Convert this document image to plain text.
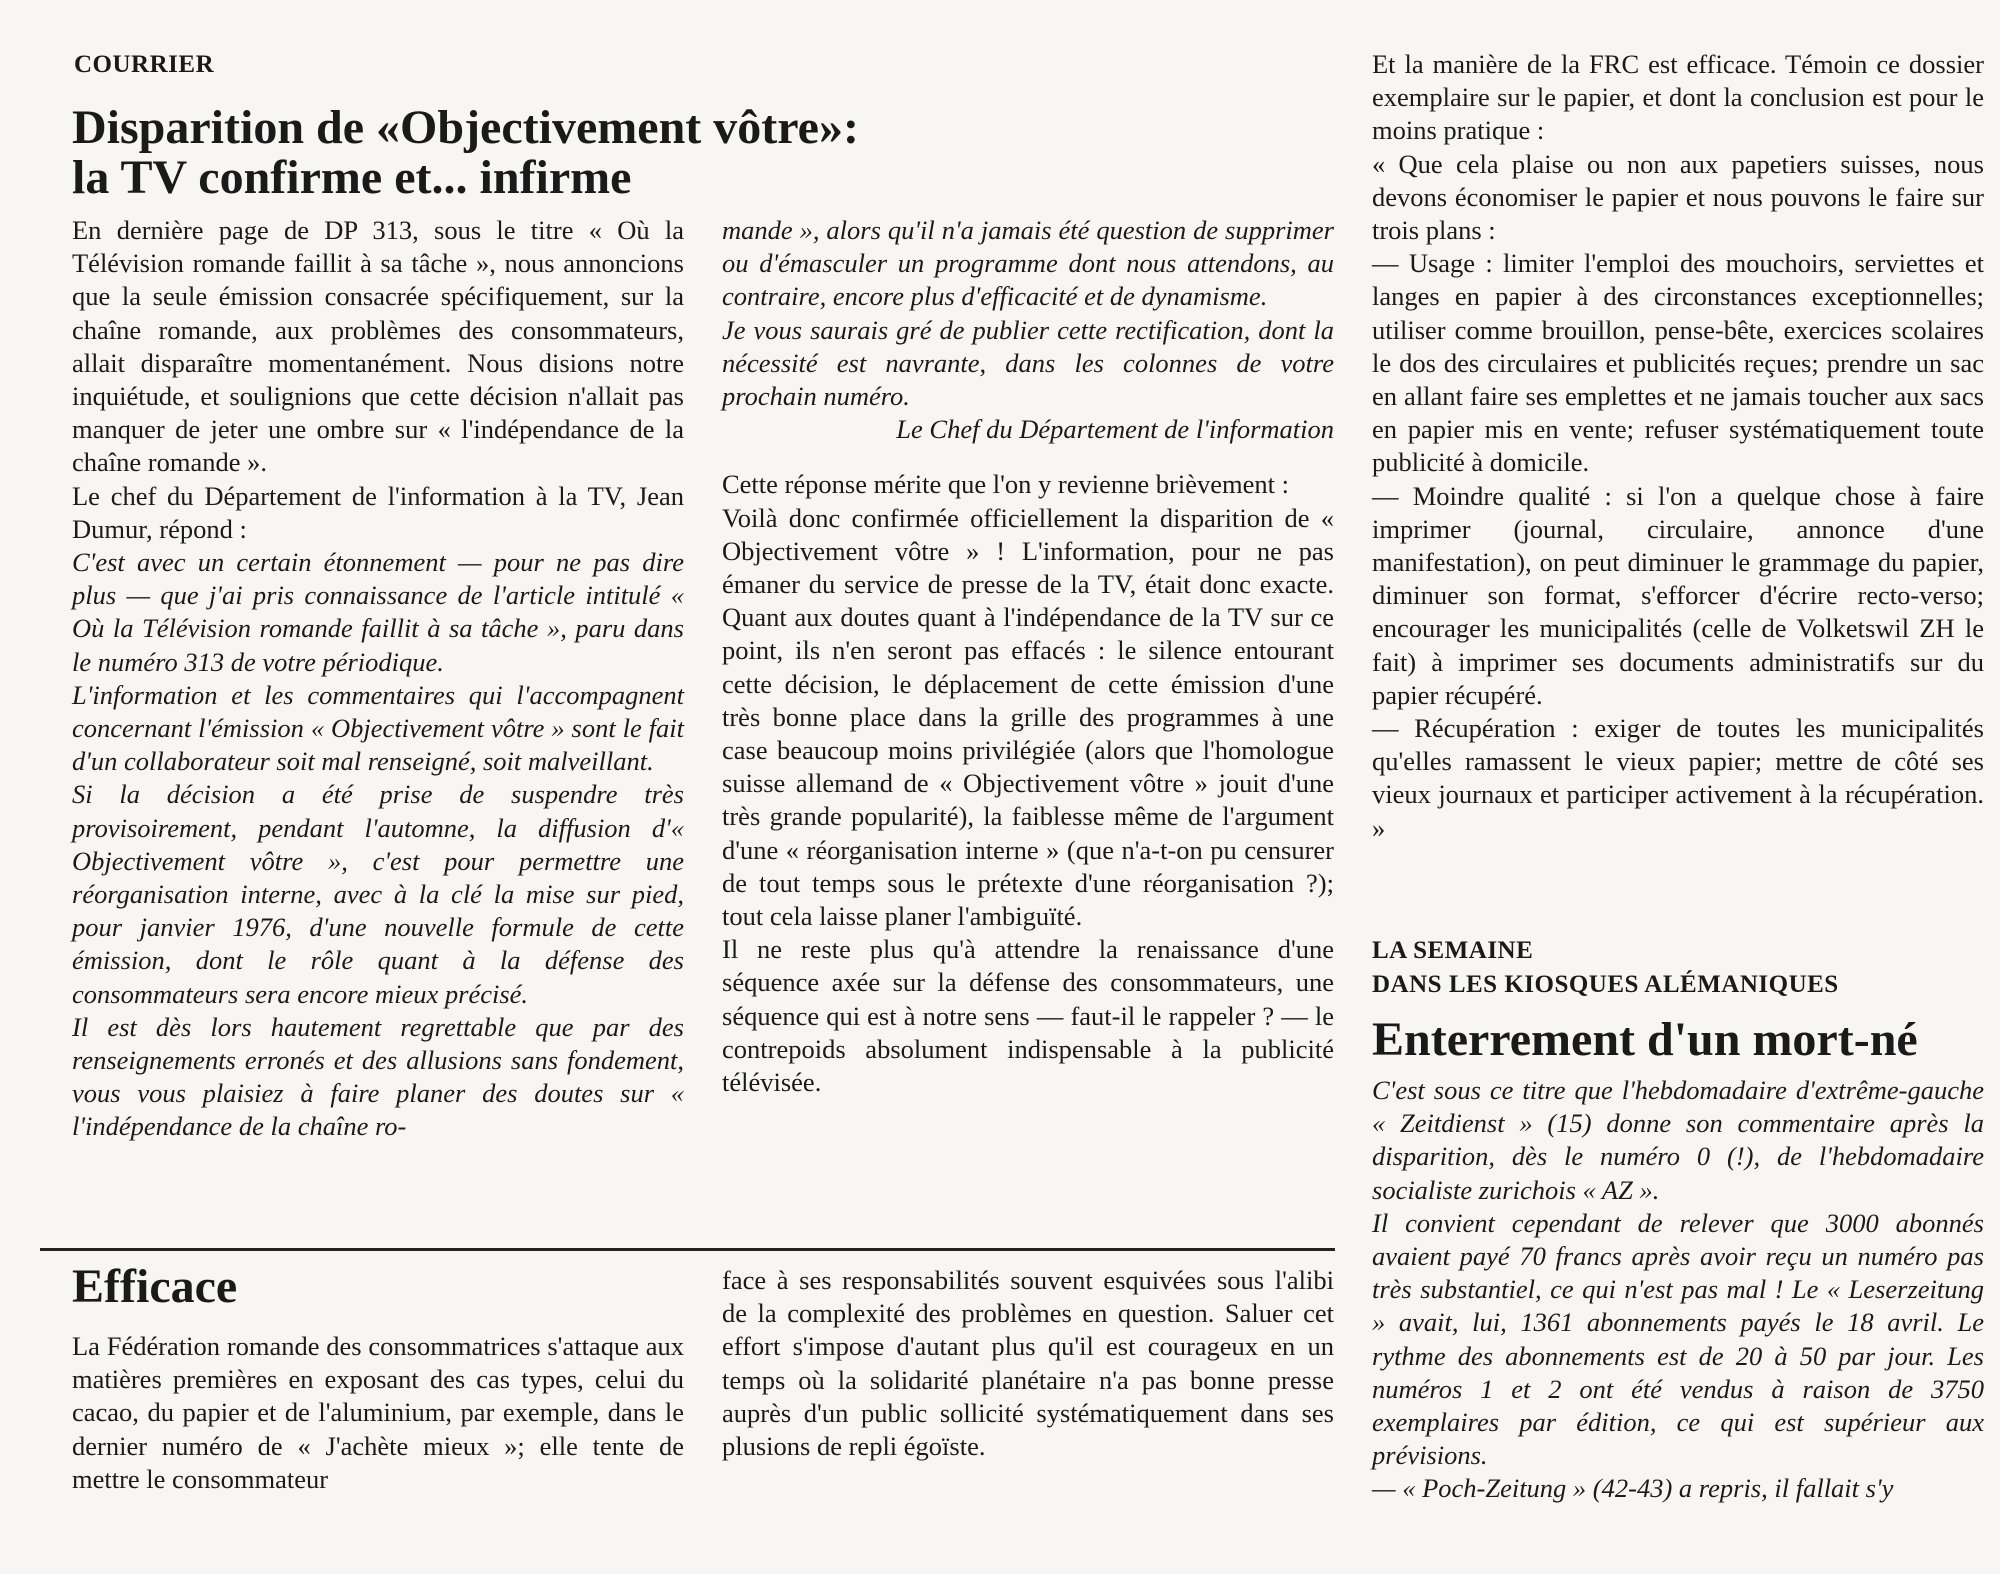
COURRIER
Disparition de «Objectivement vôtre»:
la TV confirme et... infirme

En dernière page de DP 313, sous le titre « Où la Télévision romande faillit à sa tâche », nous annoncions que la seule émission consacrée spécifiquement, sur la chaîne romande, aux problèmes des consommateurs, allait disparaître momentanément. Nous disions notre inquiétude, et soulignions que cette décision n'allait pas manquer de jeter une ombre sur « l'indépendance de la chaîne romande ».

Le chef du Département de l'information à la TV, Jean Dumur, répond :

C'est avec un certain étonnement — pour ne pas dire plus — que j'ai pris connaissance de l'article intitulé « Où la Télévision romande faillit à sa tâche », paru dans le numéro 313 de votre périodique.

L'information et les commentaires qui l'accompagnent concernant l'émission « Objectivement vôtre » sont le fait d'un collaborateur soit mal renseigné, soit malveillant.

Si la décision a été prise de suspendre très provisoirement, pendant l'automne, la diffusion d'« Objectivement vôtre », c'est pour permettre une réorganisation interne, avec à la clé la mise sur pied, pour janvier 1976, d'une nouvelle formule de cette émission, dont le rôle quant à la défense des consommateurs sera encore mieux précisé.

Il est dès lors hautement regrettable que par des renseignements erronés et des allusions sans fondement, vous vous plaisiez à faire planer des doutes sur « l'indépendance de la chaîne ro-

mande », alors qu'il n'a jamais été question de supprimer ou d'émasculer un programme dont nous attendons, au contraire, encore plus d'efficacité et de dynamisme.

Je vous saurais gré de publier cette rectification, dont la nécessité est navrante, dans les colonnes de votre prochain numéro.

Le Chef du Département de l'information

Cette réponse mérite que l'on y revienne brièvement :

Voilà donc confirmée officiellement la disparition de « Objectivement vôtre » ! L'information, pour ne pas émaner du service de presse de la TV, était donc exacte. Quant aux doutes quant à l'indépendance de la TV sur ce point, ils n'en seront pas effacés : le silence entourant cette décision, le déplacement de cette émission d'une très bonne place dans la grille des programmes à une case beaucoup moins privilégiée (alors que l'homologue suisse allemand de « Objectivement vôtre » jouit d'une très grande popularité), la faiblesse même de l'argument d'une « réorganisation interne » (que n'a-t-on pu censurer de tout temps sous le prétexte d'une réorganisation ?); tout cela laisse planer l'ambiguïté.

Il ne reste plus qu'à attendre la renaissance d'une séquence axée sur la défense des consommateurs, une séquence qui est à notre sens — faut-il le rappeler ? — le contrepoids absolument indispensable à la publicité télévisée.

Efficace

La Fédération romande des consommatrices s'attaque aux matières premières en exposant des cas types, celui du cacao, du papier et de l'aluminium, par exemple, dans le dernier numéro de « J'achète mieux »; elle tente de mettre le consommateur

face à ses responsabilités souvent esquivées sous l'alibi de la complexité des problèmes en question. Saluer cet effort s'impose d'autant plus qu'il est courageux en un temps où la solidarité planétaire n'a pas bonne presse auprès d'un public sollicité systématiquement dans ses plusions de repli égoïste.

Et la manière de la FRC est efficace. Témoin ce dossier exemplaire sur le papier, et dont la conclusion est pour le moins pratique :

« Que cela plaise ou non aux papetiers suisses, nous devons économiser le papier et nous pouvons le faire sur trois plans :

— Usage : limiter l'emploi des mouchoirs, serviettes et langes en papier à des circonstances exceptionnelles; utiliser comme brouillon, pense-bête, exercices scolaires le dos des circulaires et publicités reçues; prendre un sac en allant faire ses emplettes et ne jamais toucher aux sacs en papier mis en vente; refuser systématiquement toute publicité à domicile.

— Moindre qualité : si l'on a quelque chose à faire imprimer (journal, circulaire, annonce d'une manifestation), on peut diminuer le grammage du papier, diminuer son format, s'efforcer d'écrire recto-verso; encourager les municipalités (celle de Volketswil ZH le fait) à imprimer ses documents administratifs sur du papier récupéré.

— Récupération : exiger de toutes les municipalités qu'elles ramassent le vieux papier; mettre de côté ses vieux journaux et participer activement à la récupération. »

LA SEMAINE
DANS LES KIOSQUES ALÉMANIQUES
Enterrement d'un mort-né

C'est sous ce titre que l'hebdomadaire d'extrême-gauche « Zeitdienst » (15) donne son commentaire après la disparition, dès le numéro 0 (!), de l'hebdomadaire socialiste zurichois « AZ ».

Il convient cependant de relever que 3000 abonnés avaient payé 70 francs après avoir reçu un numéro pas très substantiel, ce qui n'est pas mal ! Le « Leserzeitung » avait, lui, 1361 abonnements payés le 18 avril. Le rythme des abonnements est de 20 à 50 par jour. Les numéros 1 et 2 ont été vendus à raison de 3750 exemplaires par édition, ce qui est supérieur aux prévisions.

— « Poch-Zeitung » (42-43) a repris, il fallait s'y
